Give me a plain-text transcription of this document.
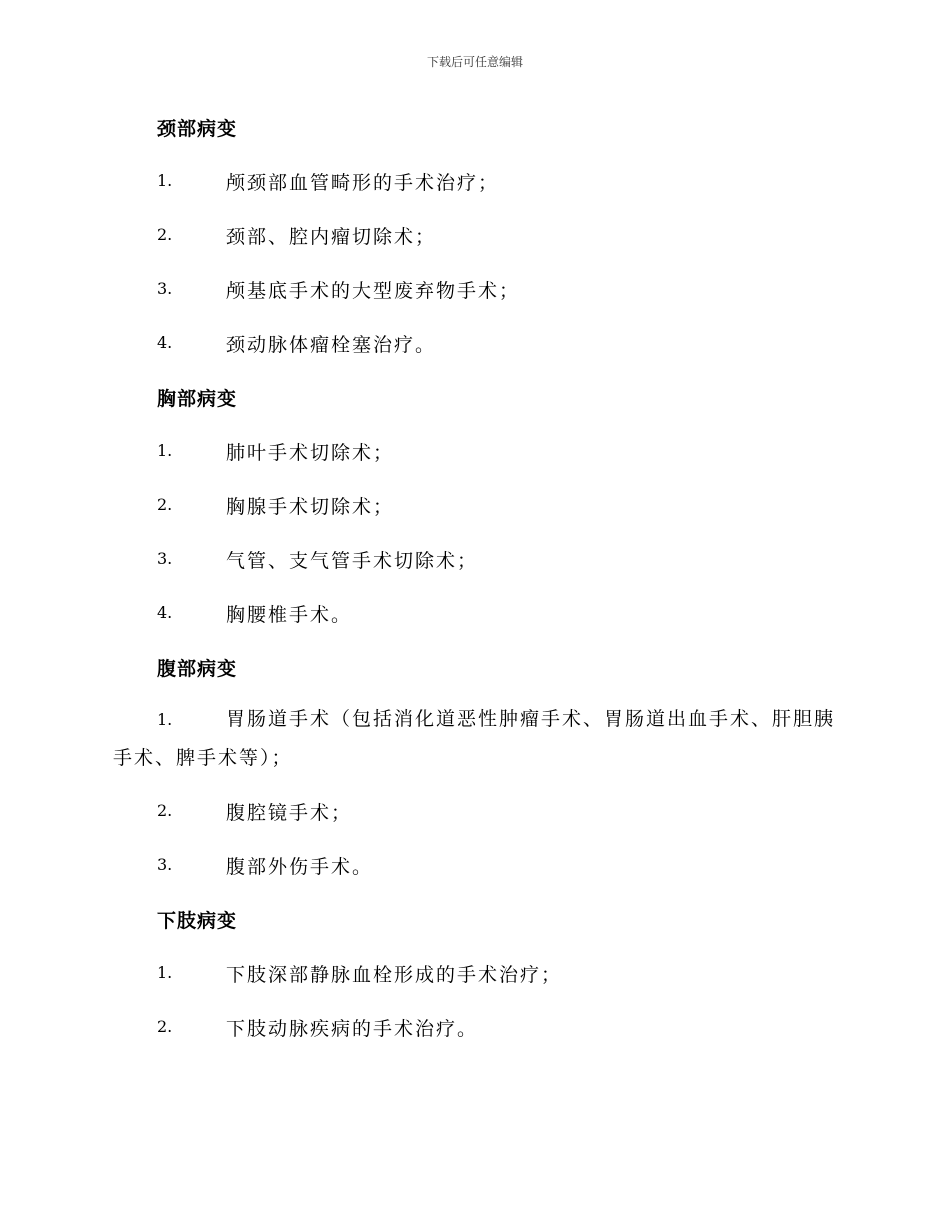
下载后可任意编辑
颈部病变
1.	颅颈部血管畸形的手术治疗；
2.	颈部、腔内瘤切除术；
3.	颅基底手术的大型废弃物手术；
4.	颈动脉体瘤栓塞治疗。
胸部病变
1.	肺叶手术切除术；
2.	胸腺手术切除术；
3.	气管、支气管手术切除术；
4.	胸腰椎手术。
腹部病变
1.	胃肠道手术（包括消化道恶性肿瘤手术、胃肠道出血手术、肝胆胰手术、脾手术等）；
2.	腹腔镜手术；
3.	腹部外伤手术。
下肢病变
1.	下肢深部静脉血栓形成的手术治疗；
2.	下肢动脉疾病的手术治疗。
